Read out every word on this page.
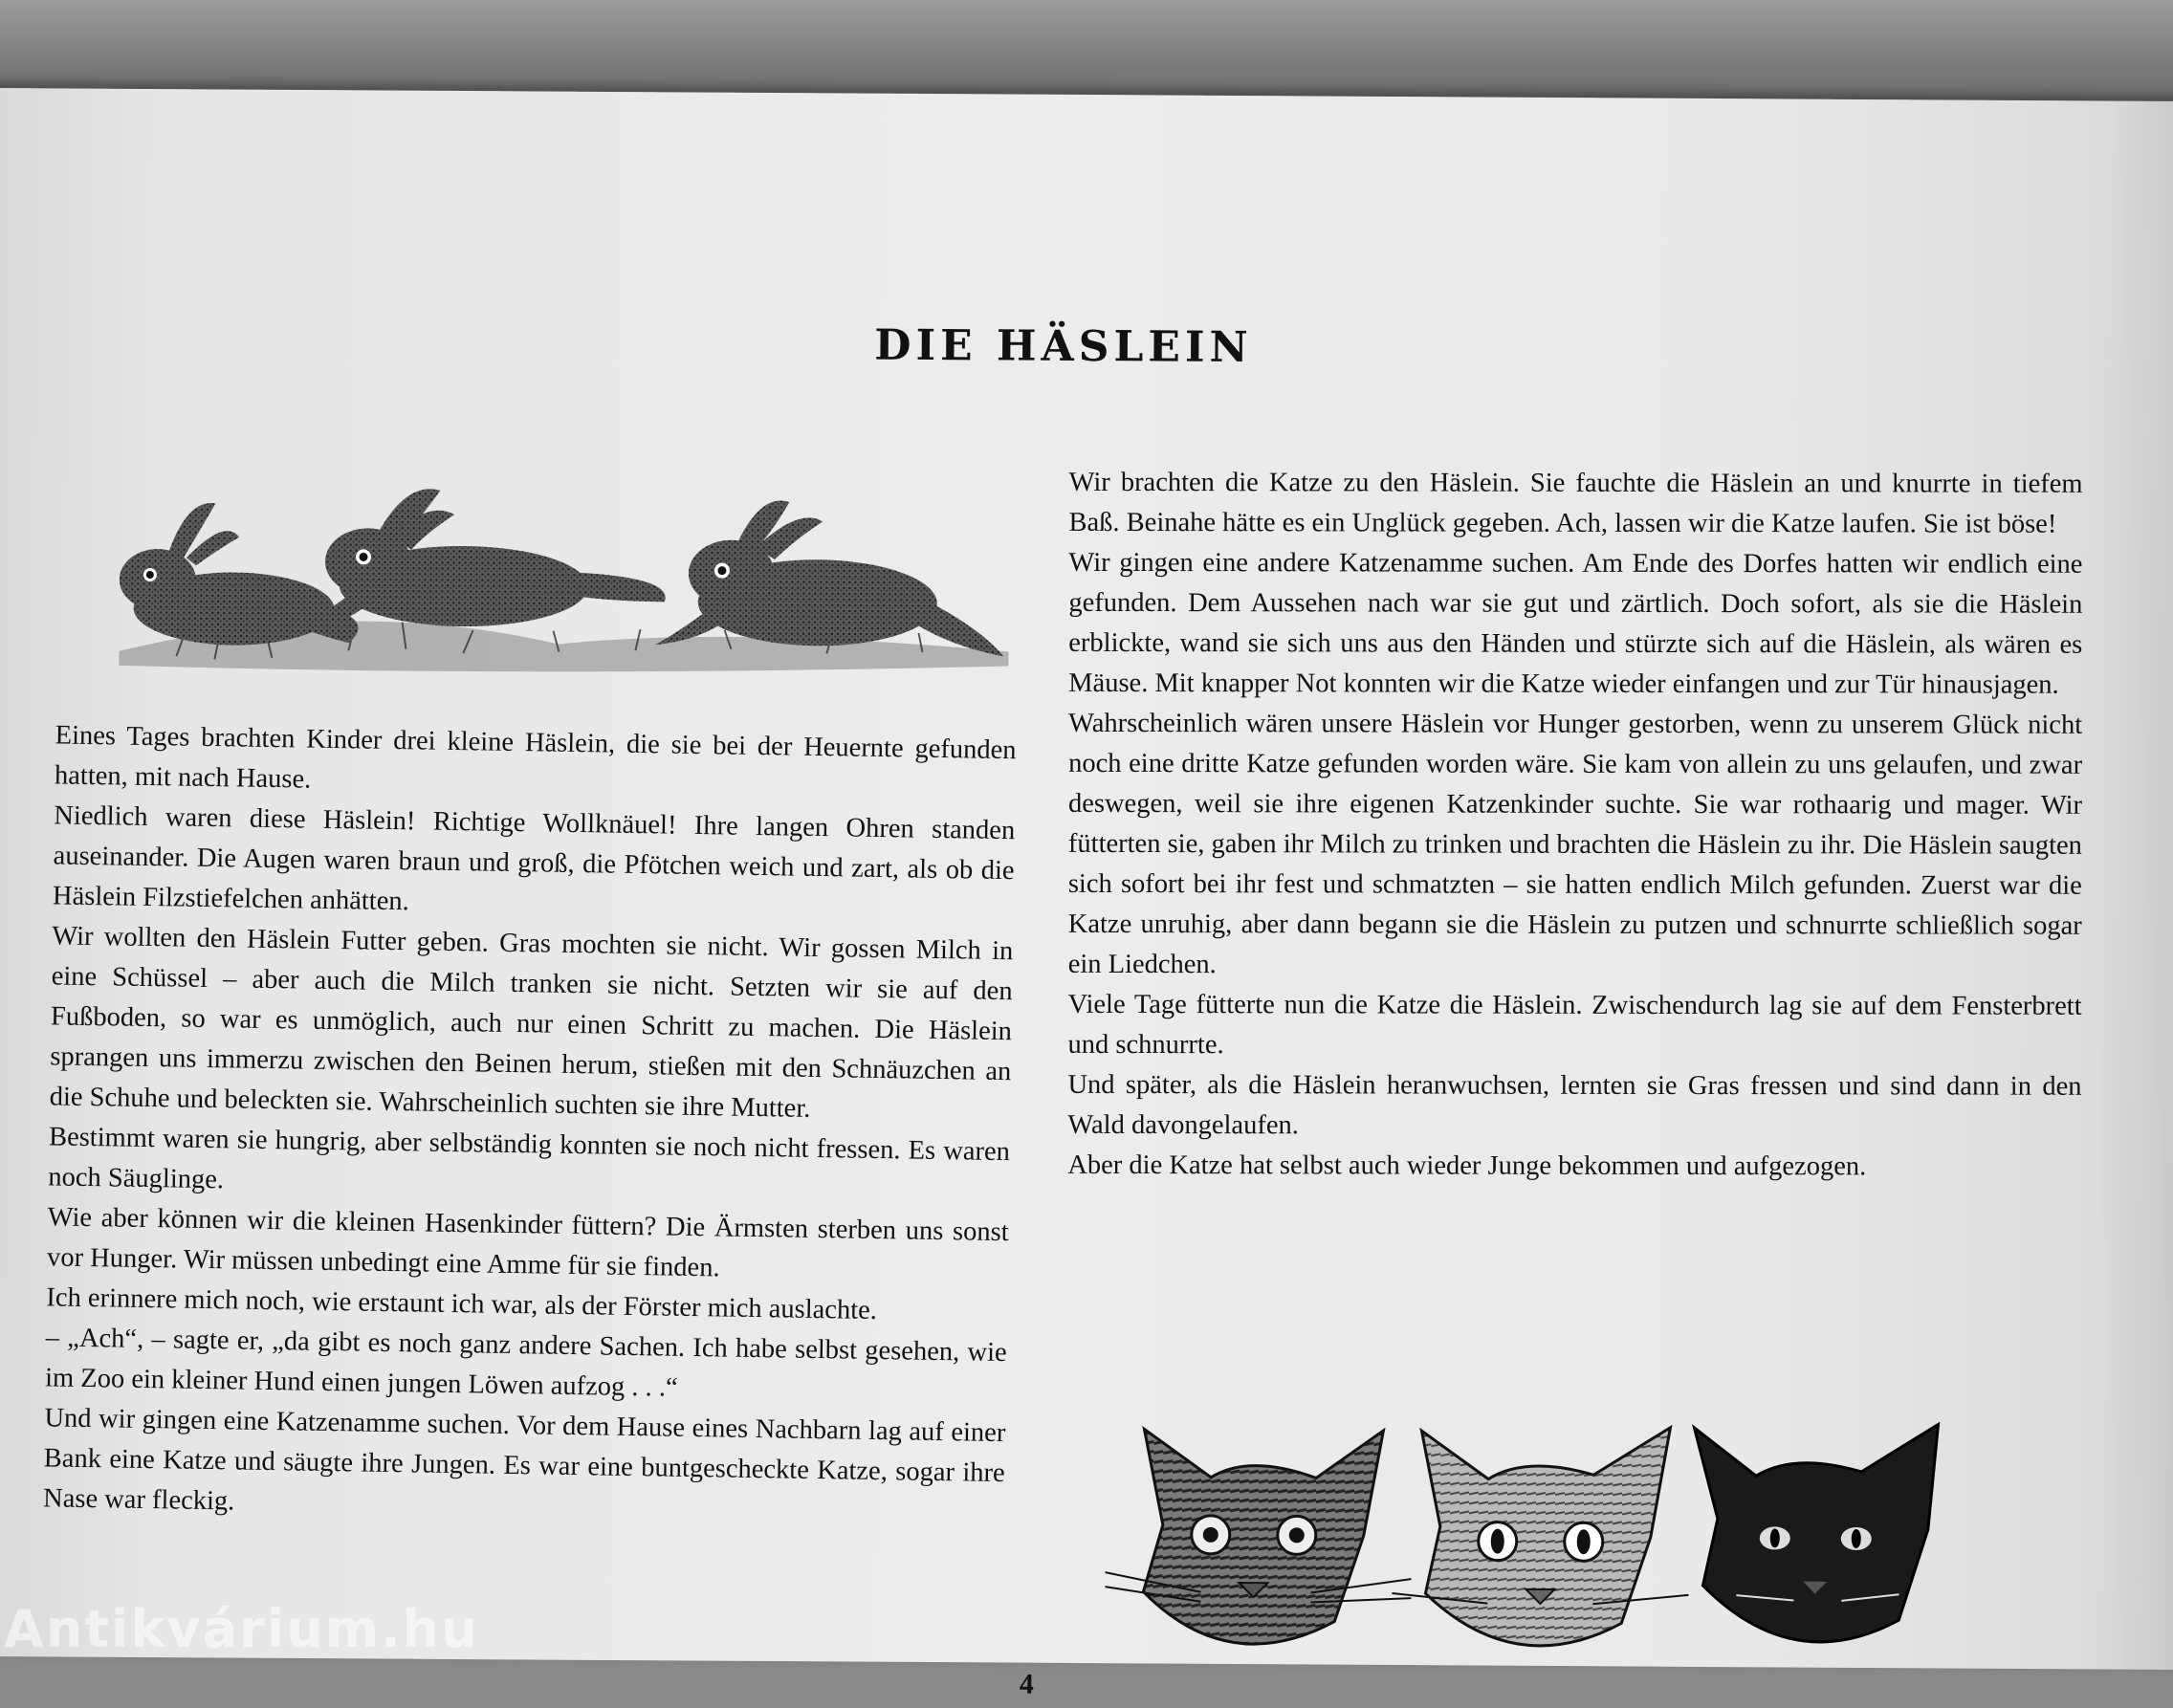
DIE HÄSLEIN

Eines Tages brachten Kinder drei kleine Häslein, die sie bei der Heuernte gefunden hatten, mit nach Hause.

Niedlich waren diese Häslein! Richtige Wollknäuel! Ihre langen Ohren standen auseinander. Die Augen waren braun und groß, die Pfötchen weich und zart, als ob die Häslein Filzstiefelchen anhätten.

Wir wollten den Häslein Futter geben. Gras mochten sie nicht. Wir gossen Milch in eine Schüssel – aber auch die Milch tranken sie nicht. Setzten wir sie auf den Fußboden, so war es unmöglich, auch nur einen Schritt zu machen. Die Häslein sprangen uns immerzu zwischen den Beinen herum, stießen mit den Schnäuzchen an die Schuhe und beleckten sie. Wahrscheinlich suchten sie ihre Mutter.

Bestimmt waren sie hungrig, aber selbständig konnten sie noch nicht fressen. Es waren noch Säuglinge.

Wie aber können wir die kleinen Hasenkinder füttern? Die Ärmsten sterben uns sonst vor Hunger. Wir müssen unbedingt eine Amme für sie finden.

Ich erinnere mich noch, wie erstaunt ich war, als der Förster mich auslachte.

– „Ach“, – sagte er, „da gibt es noch ganz andere Sachen. Ich habe selbst gesehen, wie im Zoo ein kleiner Hund einen jungen Löwen aufzog . . .“

Und wir gingen eine Katzenamme suchen. Vor dem Hause eines Nachbarn lag auf einer Bank eine Katze und säugte ihre Jungen. Es war eine buntgescheckte Katze, sogar ihre Nase war fleckig.

Wir brachten die Katze zu den Häslein. Sie fauchte die Häslein an und knurrte in tiefem Baß. Beinahe hätte es ein Unglück gegeben. Ach, lassen wir die Katze laufen. Sie ist böse!

Wir gingen eine andere Katzenamme suchen. Am Ende des Dorfes hatten wir endlich eine gefunden. Dem Aussehen nach war sie gut und zärtlich. Doch sofort, als sie die Häslein erblickte, wand sie sich uns aus den Händen und stürzte sich auf die Häslein, als wären es Mäuse. Mit knapper Not konnten wir die Katze wieder einfangen und zur Tür hinausjagen.

Wahrscheinlich wären unsere Häslein vor Hunger gestorben, wenn zu unserem Glück nicht noch eine dritte Katze gefunden worden wäre. Sie kam von allein zu uns gelaufen, und zwar deswegen, weil sie ihre eigenen Katzenkinder suchte. Sie war rothaarig und mager. Wir fütterten sie, gaben ihr Milch zu trinken und brachten die Häslein zu ihr. Die Häslein saugten sich sofort bei ihr fest und schmatzten – sie hatten endlich Milch gefunden. Zuerst war die Katze unruhig, aber dann begann sie die Häslein zu putzen und schnurrte schließlich sogar ein Liedchen.

Viele Tage fütterte nun die Katze die Häslein. Zwischendurch lag sie auf dem Fensterbrett und schnurrte.

Und später, als die Häslein heranwuchsen, lernten sie Gras fressen und sind dann in den Wald davongelaufen.

Aber die Katze hat selbst auch wieder Junge bekommen und aufgezogen.

4
Antikvárium.hu
